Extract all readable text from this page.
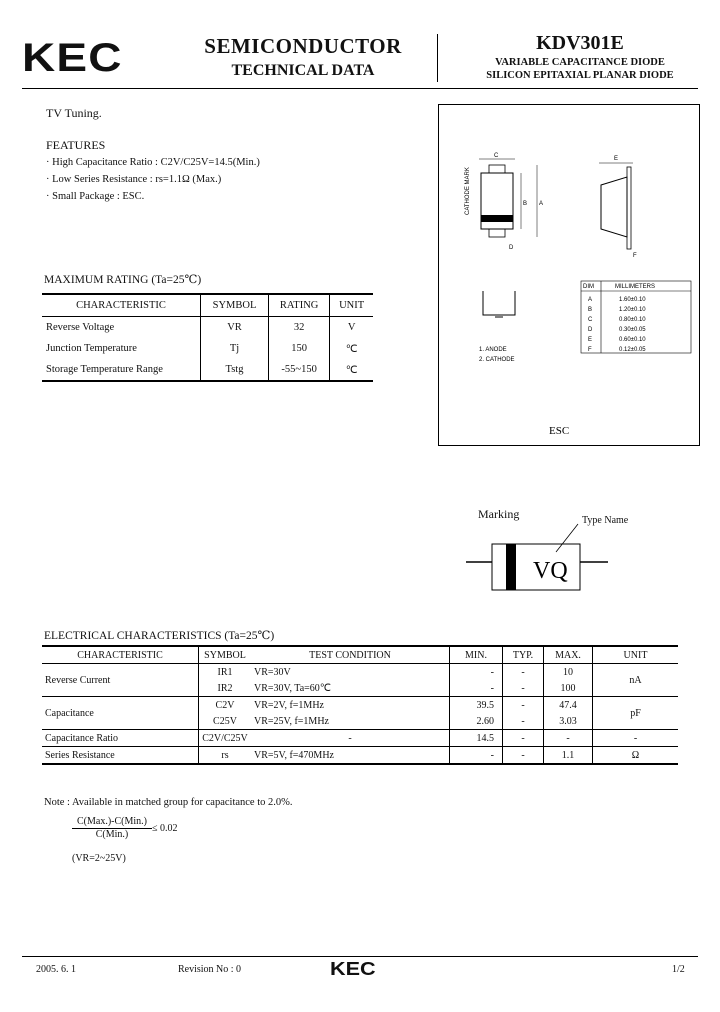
KEC	SEMICONDUCTOR
TECHNICAL DATA
KDV301E
VARIABLE CAPACITANCE DIODE
SILICON EPITAXIAL PLANAR DIODE
TV Tuning.
FEATURES
· High Capacitance Ratio : C2V/C25V=14.5(Min.)
· Low Series Resistance : rs=1.1Ω (Max.)
· Small Package : ESC.
MAXIMUM RATING (Ta=25℃)
CHARACTERISTIC	SYMBOL	RATING	UNIT
Reverse Voltage	VR	32	V
Junction Temperature	Tj	150	℃
Storage Temperature Range	Tstg	-55~150	℃
CATHODE MARK
C
B A
D
E
F
1. ANODE
2. CATHODE
DIM	MILLIMETERS
A	1.60±0.10
B	1.20±0.10
C	0.80±0.10
D	0.30±0.05
E	0.60±0.10
F	0.12±0.05
ESC
Marking	Type Name
VQ
ELECTRICAL CHARACTERISTICS (Ta=25℃)
CHARACTERISTIC	SYMBOL	TEST CONDITION	MIN.	TYP.	MAX.	UNIT
Reverse Current	IR1	VR=30V	-	-	10	nA
	IR2	VR=30V, Ta=60℃	-	-	100	
Capacitance	C2V	VR=2V, f=1MHz	39.5	-	47.4	pF
	C25V	VR=25V, f=1MHz	2.60	-	3.03	
Capacitance Ratio	C2V/C25V	-	14.5	-	-	-
Series Resistance	rs	VR=5V, f=470MHz	-	-	1.1	Ω
Note : Available in matched group for capacitance to 2.0%.
C(Max.)-C(Min.)
C(Min.)
≤ 0.02
(VR=2~25V)
2005. 6. 1	Revision No : 0	KEC	1/2
